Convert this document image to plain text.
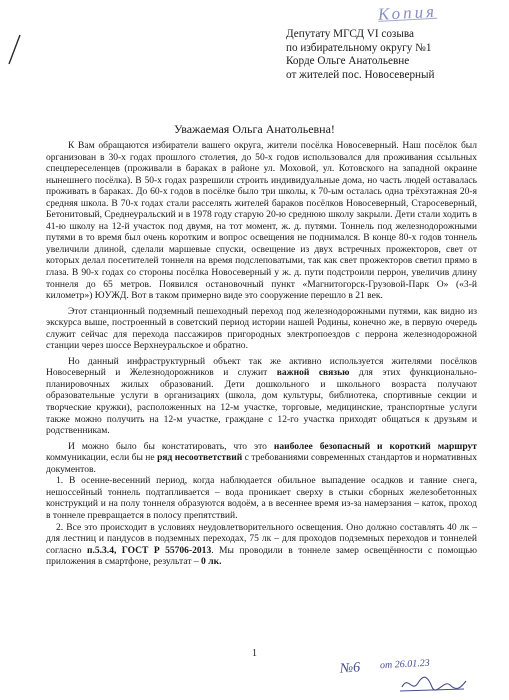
Копия
Депутату МГСД VI созыва
по избирательному округу №1
Корде Ольге Анатольевне
от жителей пос. Новосеверный
Уважаемая Ольга Анатольевна!

К Вам обращаются избиратели вашего округа, жители посёлка Новосеверный. Наш посёлок был организован в 30-х годах прошлого столетия, до 50-х годов использовался для проживания ссыльных спецпереселенцев (проживали в бараках в районе ул. Моховой, ул. Котовского на западной окраине нынешнего посёлка). В 50-х годах разрешили строить индивидуальные дома, но часть людей оставалась проживать в бараках. До 60-х годов в посёлке было три школы, к 70-ым осталась одна трёхэтажная 20-я средняя школа. В 70-х годах стали расселять жителей бараков посёлков Новосеверный, Старосеверный, Бетонитовый, Среднеуральский и в 1978 году старую 20-ю среднюю школу закрыли. Дети стали ходить в 41-ю школу на 12-й участок под двумя, на тот момент, ж. д. путями. Тоннель под железнодорожными путями в то время был очень коротким и вопрос освещения не поднимался. В конце 80-х годов тоннель увеличили длиной, сделали маршевые спуски, освещение из двух встречных прожекторов, свет от которых делал посетителей тоннеля на время подслеповатыми, так как свет прожекторов светил прямо в глаза. В 90-х годах со стороны посёлка Новосеверный у ж. д. пути подстроили перрон, увеличив длину тоннеля до 65 метров. Появился остановочный пункт «Магнитогорск-Грузовой-Парк О» («3-й километр») ЮУЖД. Вот в таком примерно виде это сооружение перешло в 21 век.

Этот станционный подземный пешеходный переход под железнодорожными путями, как видно из экскурса выше, построенный в советский период истории нашей Родины, конечно же, в первую очередь служит сейчас для перехода пассажиров пригородных электропоездов с перрона железнодорожной станции через шоссе Верхнеуральское и обратно.

Но данный инфраструктурный объект так же активно используется жителями посёлков Новосеверный и Железнодорожников и служит важной связью для этих функционально-планировочных жилых образований. Дети дошкольного и школьного возраста получают образовательные услуги в организациях (школа, дом культуры, библиотека, спортивные секции и творческие кружки), расположенных на 12-м участке, торговые, медицинские, транспортные услуги также можно получить на 12-м участке, граждане с 12-го участка приходят общаться к друзьям и родственникам.

И можно было бы констатировать, что это наиболее безопасный и короткий маршрут коммуникации, если бы не ряд несоответствий с требованиями современных стандартов и нормативных документов.

1. В осенне-весенний период, когда наблюдается обильное выпадение осадков и таяние снега, нешоссейный тоннель подтапливается – вода проникает сверху в стыки сборных железобетонных конструкций и на полу тоннеля образуются водоём, а в весеннее время из-за намерзания – каток, проход в тоннеле превращается в полосу препятствий.

2. Все это происходит в условиях неудовлетворительного освещения. Оно должно составлять 40 лк – для лестниц и пандусов в подземных переходах, 75 лк – для проходов подземных переходов и тоннелей согласно п.5.3.4, ГОСТ Р 55706-2013. Мы проводили в тоннеле замер освещённости с помощью приложения в смартфоне, результат – 0 лк.

1
№6 от 26.01.23
